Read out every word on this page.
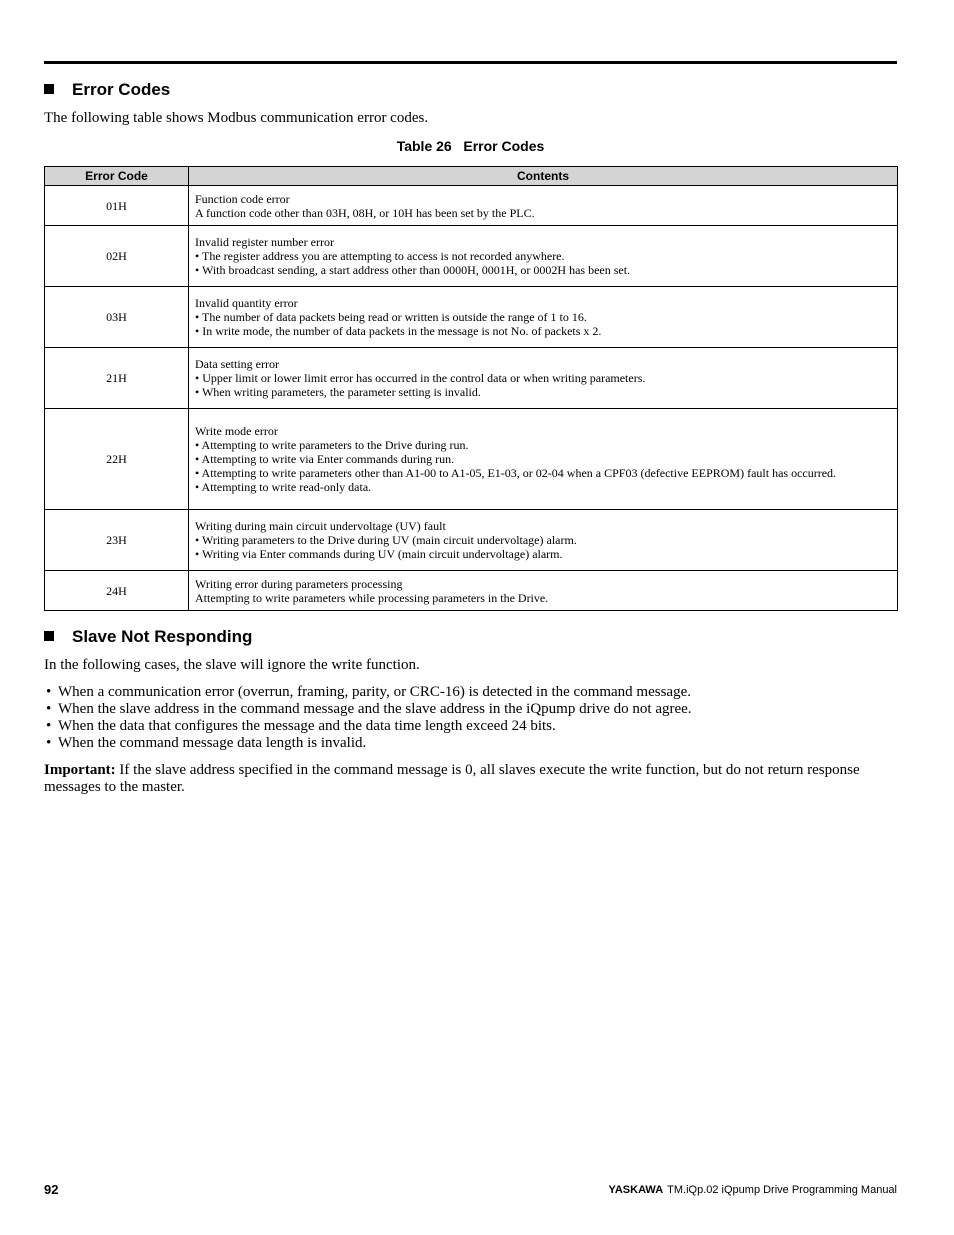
Error Codes
The following table shows Modbus communication error codes.
Table 26   Error Codes
Error Code	Contents
01H	Function code error
A function code other than 03H, 08H, or 10H has been set by the PLC.

02H	Invalid register number error
• The register address you are attempting to access is not recorded anywhere.
• With broadcast sending, a start address other than 0000H, 0001H, or 0002H has been set.

03H	Invalid quantity error
• The number of data packets being read or written is outside the range of 1 to 16.
• In write mode, the number of data packets in the message is not No. of packets x 2.

21H	Data setting error
• Upper limit or lower limit error has occurred in the control data or when writing parameters.
• When writing parameters, the parameter setting is invalid.

22H	Write mode error
• Attempting to write parameters to the Drive during run.
• Attempting to write via Enter commands during run.
• Attempting to write parameters other than A1-00 to A1-05, E1-03, or 02-04 when a CPF03 (defective EEPROM) fault has occurred.
• Attempting to write read-only data.

23H	Writing during main circuit undervoltage (UV) fault
• Writing parameters to the Drive during UV (main circuit undervoltage) alarm.
• Writing via Enter commands during UV (main circuit undervoltage) alarm.

24H	Writing error during parameters processing
Attempting to write parameters while processing parameters in the Drive.
Slave Not Responding
In the following cases, the slave will ignore the write function.
• When a communication error (overrun, framing, parity, or CRC-16) is detected in the command message.
• When the slave address in the command message and the slave address in the iQpump drive do not agree.
• When the data that configures the message and the data time length exceed 24 bits.
• When the command message data length is invalid.
Important: If the slave address specified in the command message is 0, all slaves execute the write function, but do not return response messages to the master.
92	YASKAWA TM.iQp.02 iQpump Drive Programming Manual
